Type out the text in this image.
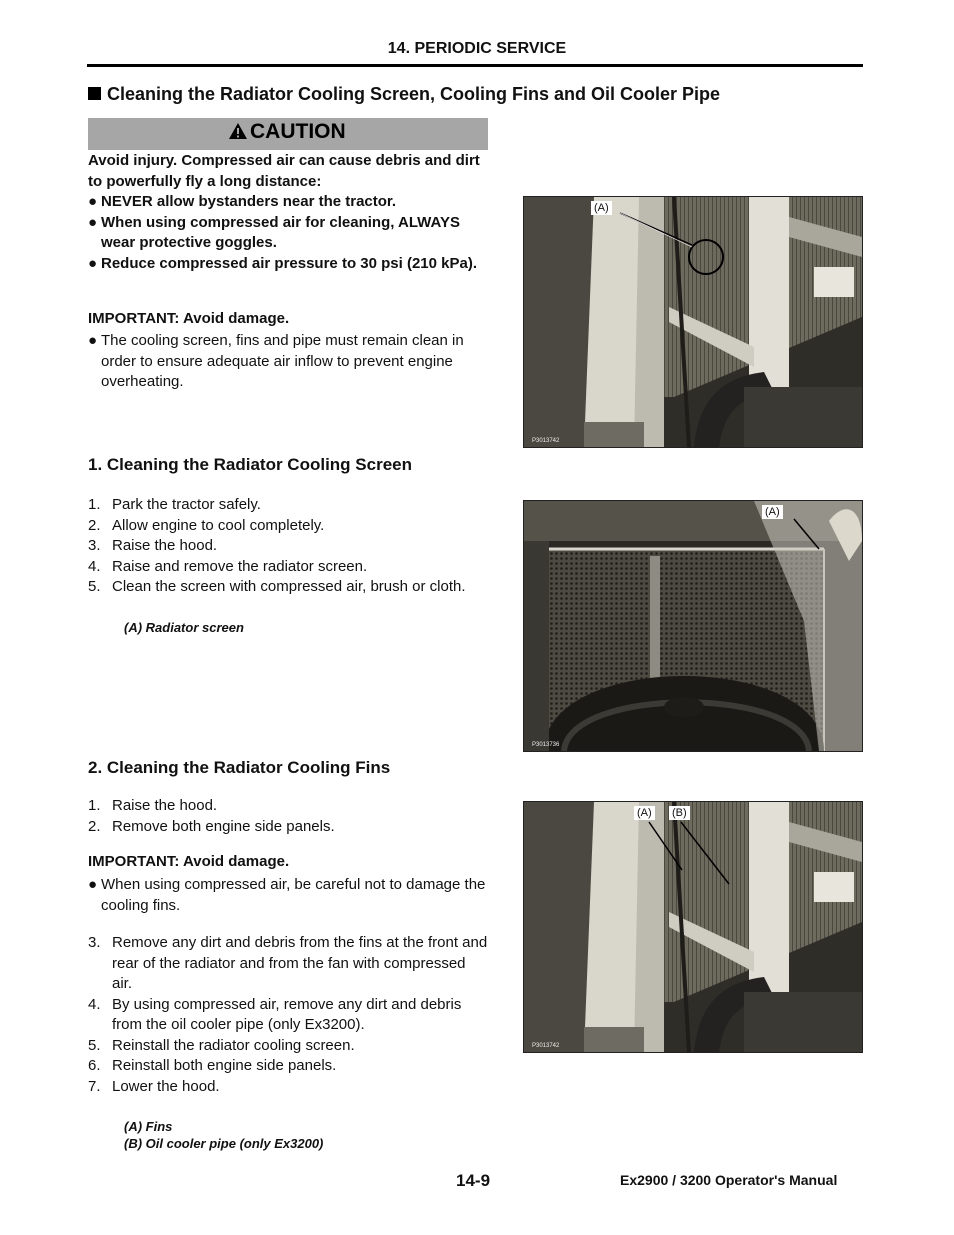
14. PERIODIC SERVICE
Cleaning the Radiator Cooling Screen, Cooling Fins and Oil Cooler Pipe
CAUTION
Avoid injury. Compressed air can cause debris and dirt to powerfully fly a long distance:
● NEVER allow bystanders near the tractor.
● When using compressed air for cleaning, ALWAYS wear protective goggles.
● Reduce compressed air pressure to 30 psi (210 kPa).
IMPORTANT: Avoid damage.
● The cooling screen, fins and pipe must remain clean in order to ensure adequate air inflow to prevent engine overheating.
1. Cleaning the Radiator Cooling Screen
1. Park the tractor safely.
2. Allow engine to cool completely.
3. Raise the hood.
4. Raise and remove the radiator screen.
5. Clean the screen with compressed air, brush or cloth.
(A) Radiator screen
2. Cleaning the Radiator Cooling Fins
1. Raise the hood.
2. Remove both engine side panels.
IMPORTANT: Avoid damage.
● When using compressed air, be careful not to damage the cooling fins.
3. Remove any dirt and debris from the fins at the front and rear of the radiator and from the fan with compressed air.
4. By using compressed air, remove any dirt and debris from the oil cooler pipe (only Ex3200).
5. Reinstall the radiator cooling screen.
6. Reinstall both engine side panels.
7. Lower the hood.
(A) Fins
(B) Oil cooler pipe (only Ex3200)
(A)
P3013742
(A)
P3013736
(A) (B)
P3013742
14-9	Ex2900 / 3200 Operator's Manual
